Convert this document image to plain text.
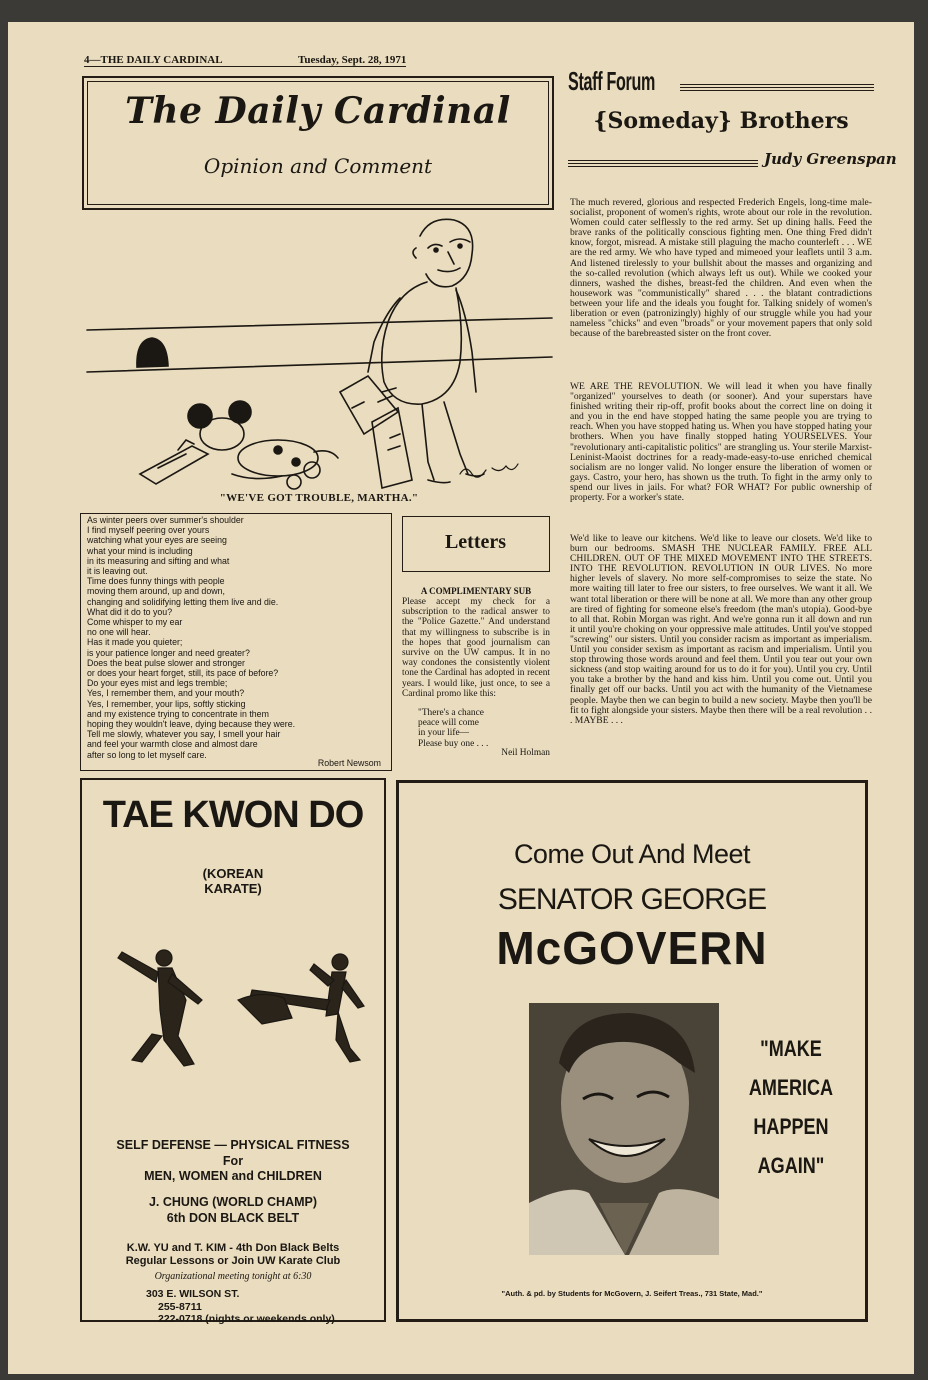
4—THE DAILY CARDINAL	Tuesday, Sept. 28, 1971
The Daily Cardinal
Opinion and Comment
"WE'VE GOT TROUBLE, MARTHA."
As winter peers over summer's shoulder
I find myself peering over yours
watching what your eyes are seeing
what your mind is including
in its measuring and sifting and what
it is leaving out.
Time does funny things with people
moving them around, up and down,
changing and solidifying letting them live and die.
What did it do to you?
Come whisper to my ear
no one will hear.
Has it made you quieter;
is your patience longer and need greater?
Does the beat pulse slower and stronger
or does your heart forget, still, its pace of before?
Do your eyes mist and legs tremble;
Yes, I remember them, and your mouth?
Yes, I remember, your lips, softly sticking
and my existence trying to concentrate in them
hoping they wouldn't leave, dying because they were.
Tell me slowly, whatever you say, I smell your hair
and feel your warmth close and almost dare
after so long to let myself care.
Robert Newsom
Letters
A COMPLIMENTARY SUB
Please accept my check for a subscription to the radical answer to the "Police Gazette." And understand that my willingness to subscribe is in the hopes that good journalism can survive on the UW campus. It in no way condones the consistently violent tone the Cardinal has adopted in recent years. I would like, just once, to see a Cardinal promo like this:
"There's a chance
peace will come
in your life—
Please buy one . . .
Neil Holman
Staff Forum
{Someday} Brothers
Judy Greenspan
The much revered, glorious and respected Frederich Engels, long-time male-socialist, proponent of women's rights, wrote about our role in the revolution. Women could cater selflessly to the red army. Set up dining halls. Feed the brave ranks of the politically conscious fighting men. One thing Fred didn't know, forgot, misread. A mistake still plaguing the macho counterleft . . . WE are the red army. We who have typed and mimeoed your leaflets until 3 a.m. And listened tirelessly to your bullshit about the masses and organizing and the so-called revolution (which always left us out). While we cooked your dinners, washed the dishes, breast-fed the children. And even when the housework was "communistically" shared . . . the blatant contradictions between your life and the ideals you fought for. Talking snidely of women's liberation or even (patronizingly) highly of our struggle while you had your nameless "chicks" and even "broads" or your movement papers that only sold because of the barebreasted sister on the front cover.
WE ARE THE REVOLUTION. We will lead it when you have finally "organized" yourselves to death (or sooner). And your superstars have finished writing their rip-off, profit books about the correct line on doing it and you in the end have stopped hating the same people you are trying to reach. When you have stopped hating us. When you have stopped hating your brothers. When you have finally stopped hating YOURSELVES. Your "revolutionary anti-capitalistic politics" are strangling us. Your sterile Marxist-Leninist-Maoist doctrines for a ready-made-easy-to-use enriched chemical socialism are no longer valid. No longer ensure the liberation of women or gays. Castro, your hero, has shown us the truth. To fight in the army only to spend our lives in jails. For what? FOR WHAT? For public ownership of property. For a worker's state.
We'd like to leave our kitchens. We'd like to leave our closets. We'd like to burn our bedrooms. SMASH THE NUCLEAR FAMILY. FREE ALL CHILDREN. OUT OF THE MIXED MOVEMENT INTO THE STREETS. INTO THE REVOLUTION. REVOLUTION IN OUR LIVES. No more higher levels of slavery. No more self-compromises to seize the state. No more waiting till later to free our sisters, to free ourselves. We want it all. We want total liberation or there will be none at all. We more than any other group are tired of fighting for someone else's freedom (the man's utopia). Good-bye to all that. Robin Morgan was right. And we're gonna run it all down and run it until you're choking on your oppressive male attitudes. Until you've stopped "screwing" our sisters. Until you consider racism as important as imperialism. Until you consider sexism as important as racism and imperialism. Until you stop throwing those words around and feel them. Until you tear out your own sickness (and stop waiting around for us to do it for you). Until you cry. Until you take a brother by the hand and kiss him. Until you come out. Until you finally get off our backs. Until you act with the humanity of the Vietnamese people. Maybe then we can begin to build a new society. Maybe then you'll be fit to fight alongside your sisters. Maybe then there will be a real revolution . . . MAYBE . . .
TAE KWON DO
(KOREAN
KARATE)
SELF DEFENSE — PHYSICAL FITNESS
For
MEN, WOMEN and CHILDREN
J. CHUNG (WORLD CHAMP)
6th DON BLACK BELT
K.W. YU and T. KIM - 4th Don Black Belts
Regular Lessons or Join UW Karate Club
Organizational meeting tonight at 6:30
303 E. WILSON ST.
255-8711
222-0718 (nights or weekends only)
Come Out And Meet
SENATOR GEORGE
McGOVERN
"MAKE
AMERICA
HAPPEN
AGAIN"
"Auth. & pd. by Students for McGovern, J. Seifert Treas., 731 State, Mad."
